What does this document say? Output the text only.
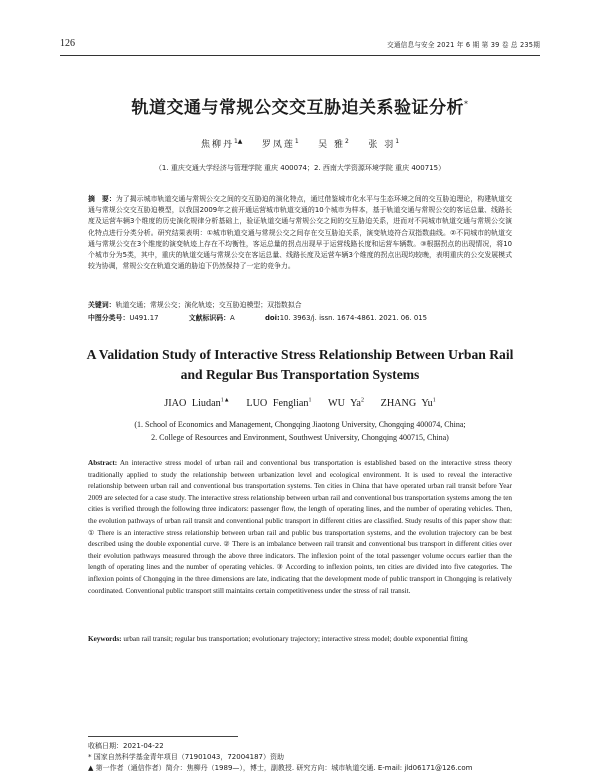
126	交通信息与安全 2021 年 6 期 第 39 卷 总 235期
轨道交通与常规公交交互胁迫关系验证分析*
焦柳丹$^{1▲}$ 罗凤莲$^1$ 吴 雅$^2$ 张 羽$^1$
（1. 重庆交通大学经济与管理学院 重庆 400074；2. 西南大学资源环境学院 重庆 400715）
摘　要：为了揭示城市轨道交通与常规公交之间的交互胁迫的演化特点，通过借鉴城市化水平与生态环境之间的交互胁迫理论，构建轨道交通与常规公交交互胁迫模型，以我国2009年之前开通运营城市轨道交通的10个城市为样本，基于轨道交通与常规公交的客运总量、线路长度及运营车辆3个维度的历史演化规律分析基础上，验证轨道交通与常规公交之间的交互胁迫关系，进而对不同城市轨道交通与常规公交演化特点进行分类分析。研究结果表明：①城市轨道交通与常规公交之间存在交互胁迫关系，演变轨迹符合双指数曲线。②不同城市的轨道交通与常规公交在3个维度的演变轨迹上存在不均衡性，客运总量的拐点出现早于运营线路长度和运营车辆数。③根据拐点的出现情况，将10个城市分为5类，其中，重庆的轨道交通与常规公交在客运总量、线路长度及运营车辆3个维度的拐点出现均较晚，表明重庆的公交发展模式较为协调，常规公交在轨道交通的胁迫下仍然保持了一定的竞争力。
关键词：轨道交通；常规公交；演化轨迹；交互胁迫模型；双指数拟合
中图分类号：U491.17	文献标识码：A	doi:10. 3963/j. issn. 1674-4861. 2021. 06. 015
A Validation Study of Interactive Stress Relationship Between Urban Rail
and Regular Bus Transportation Systems
JIAO Liudan$^{1▲}$ LUO Fenglian$^1$ WU Ya$^2$ ZHANG Yu$^1$
(1. School of Economics and Management, Chongqing Jiaotong University, Chongqing 400074, China;
2. College of Resources and Environment, Southwest University, Chongqing 400715, China)
Abstract: An interactive stress model of urban rail and conventional bus transportation is established based on the interactive stress theory traditionally applied to study the relationship between urbanization level and ecological environment. It is used to reveal the interactive relationship between urban rail and conventional bus transportation systems. Ten cities in China that have operated urban rail transit before Year 2009 are selected for a case study. The interactive stress relationship between urban rail and conventional bus transportation systems among the ten cities is verified through the following three indicators: passenger flow, the length of operating lines, and the number of operating vehicles. Then, the evolution pathways of urban rail transit and conventional public transport in different cities are classified. Study results of this paper show that: ① There is an interactive stress relationship between urban rail and public bus transportation systems, and the evolution trajectory can be best described using the double exponential curve. ② There is an imbalance between rail transit and conventional bus transport in different cities over their evolution pathways measured through the above three indicators. The inflexion point of the total passenger volume occurs earlier than the length of operating lines and the number of operating vehicles. ③ According to inflexion points, ten cities are divided into five categories. The inflexion points of Chongqing in the three dimensions are late, indicating that the development mode of public transport in Chongqing is relatively coordinated. Conventional public transport still maintains certain competitiveness under the stress of rail transit.
Keywords: urban rail transit; regular bus transportation; evolutionary trajectory; interactive stress model; double exponential fitting
收稿日期：2021-04-22
* 国家自然科学基金青年项目（71901043，72004187）资助
▲ 第一作者（通信作者）简介：焦柳丹（1989—），博士，副教授. 研究方向：城市轨道交通. E-mail: jld06171@126.com
